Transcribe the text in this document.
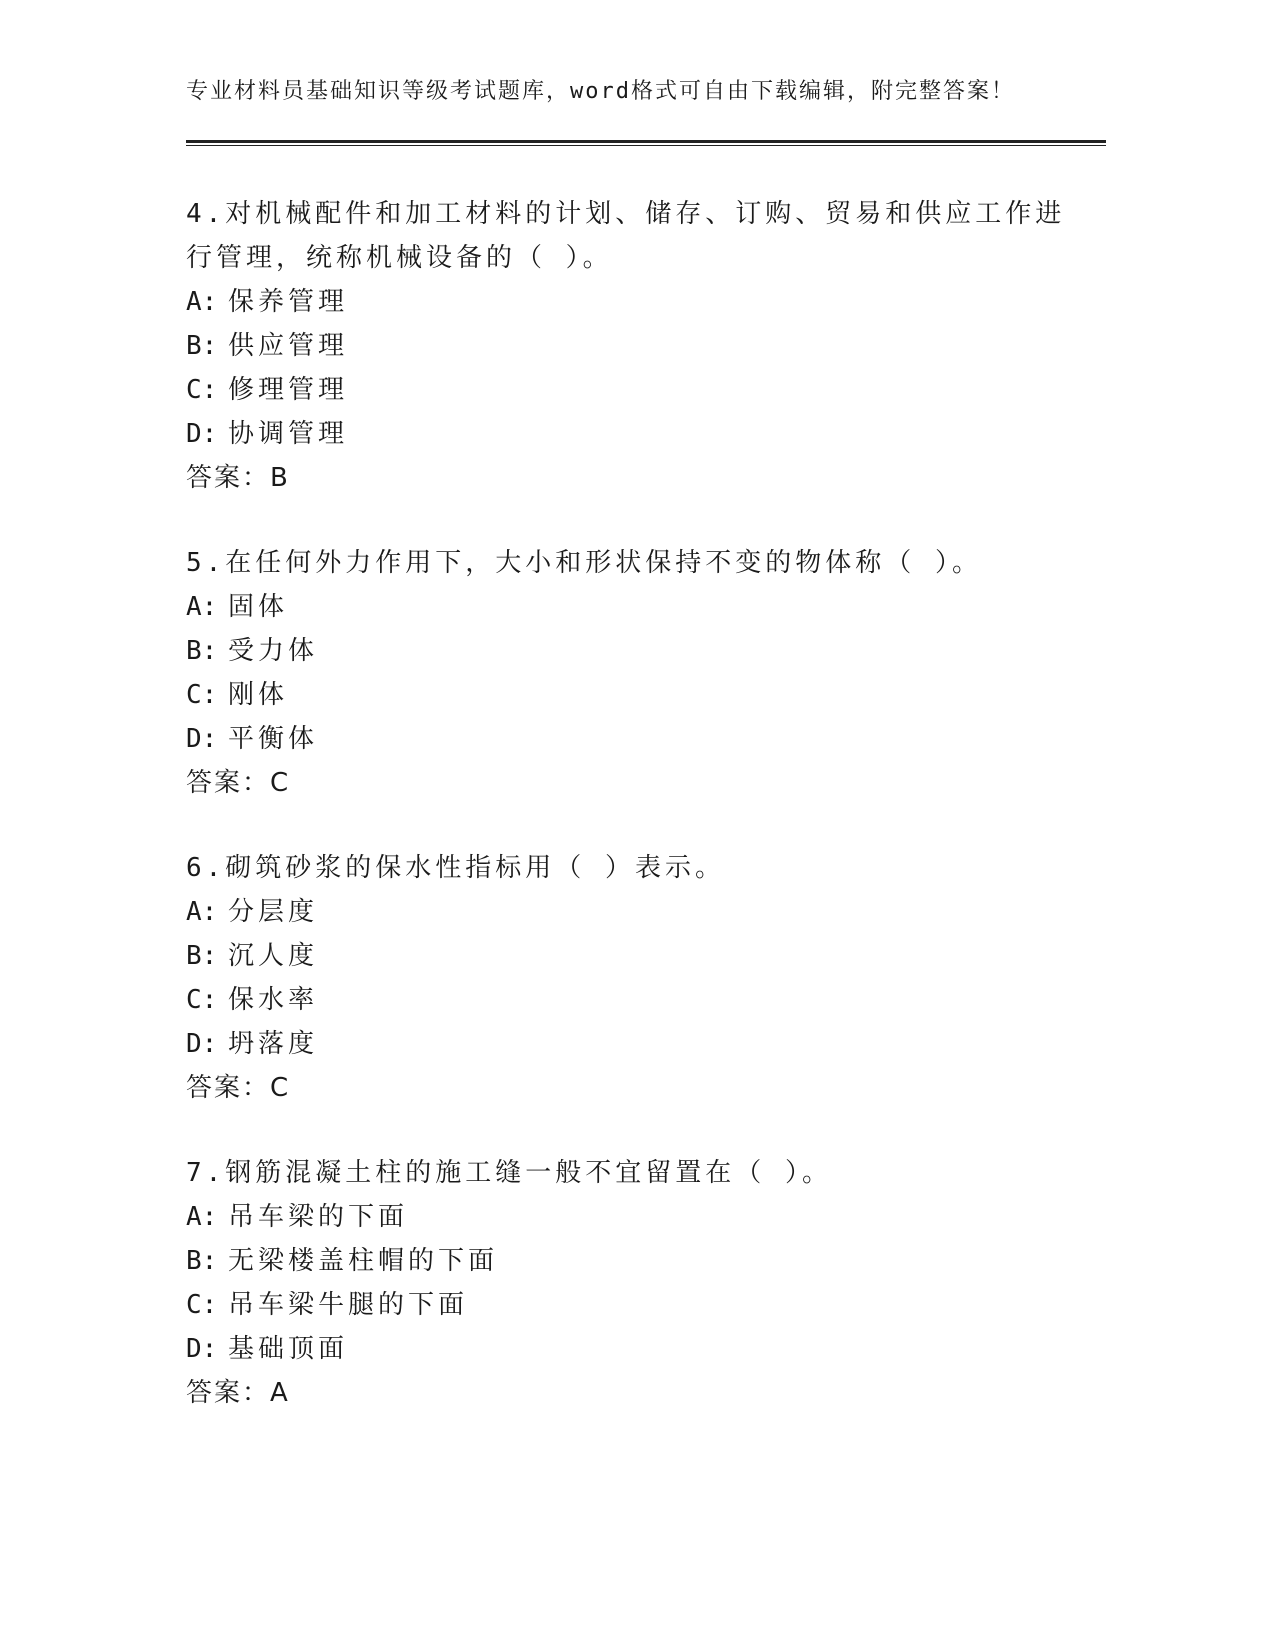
专业材料员基础知识等级考试题库，word格式可自由下载编辑，附完整答案！
4.对机械配件和加工材料的计划、储存、订购、贸易和供应工作进行管理，统称机械设备的（ ）。
A: 保养管理
B: 供应管理
C: 修理管理
D: 协调管理
答案：B
5.在任何外力作用下，大小和形状保持不变的物体称（ ）。
A: 固体
B: 受力体
C: 刚体
D: 平衡体
答案：C
6.砌筑砂浆的保水性指标用（ ）表示。
A: 分层度
B: 沉人度
C: 保水率
D: 坍落度
答案：C
7.钢筋混凝土柱的施工缝一般不宜留置在（ ）。
A: 吊车梁的下面
B: 无梁楼盖柱帽的下面
C: 吊车梁牛腿的下面
D: 基础顶面
答案：A
